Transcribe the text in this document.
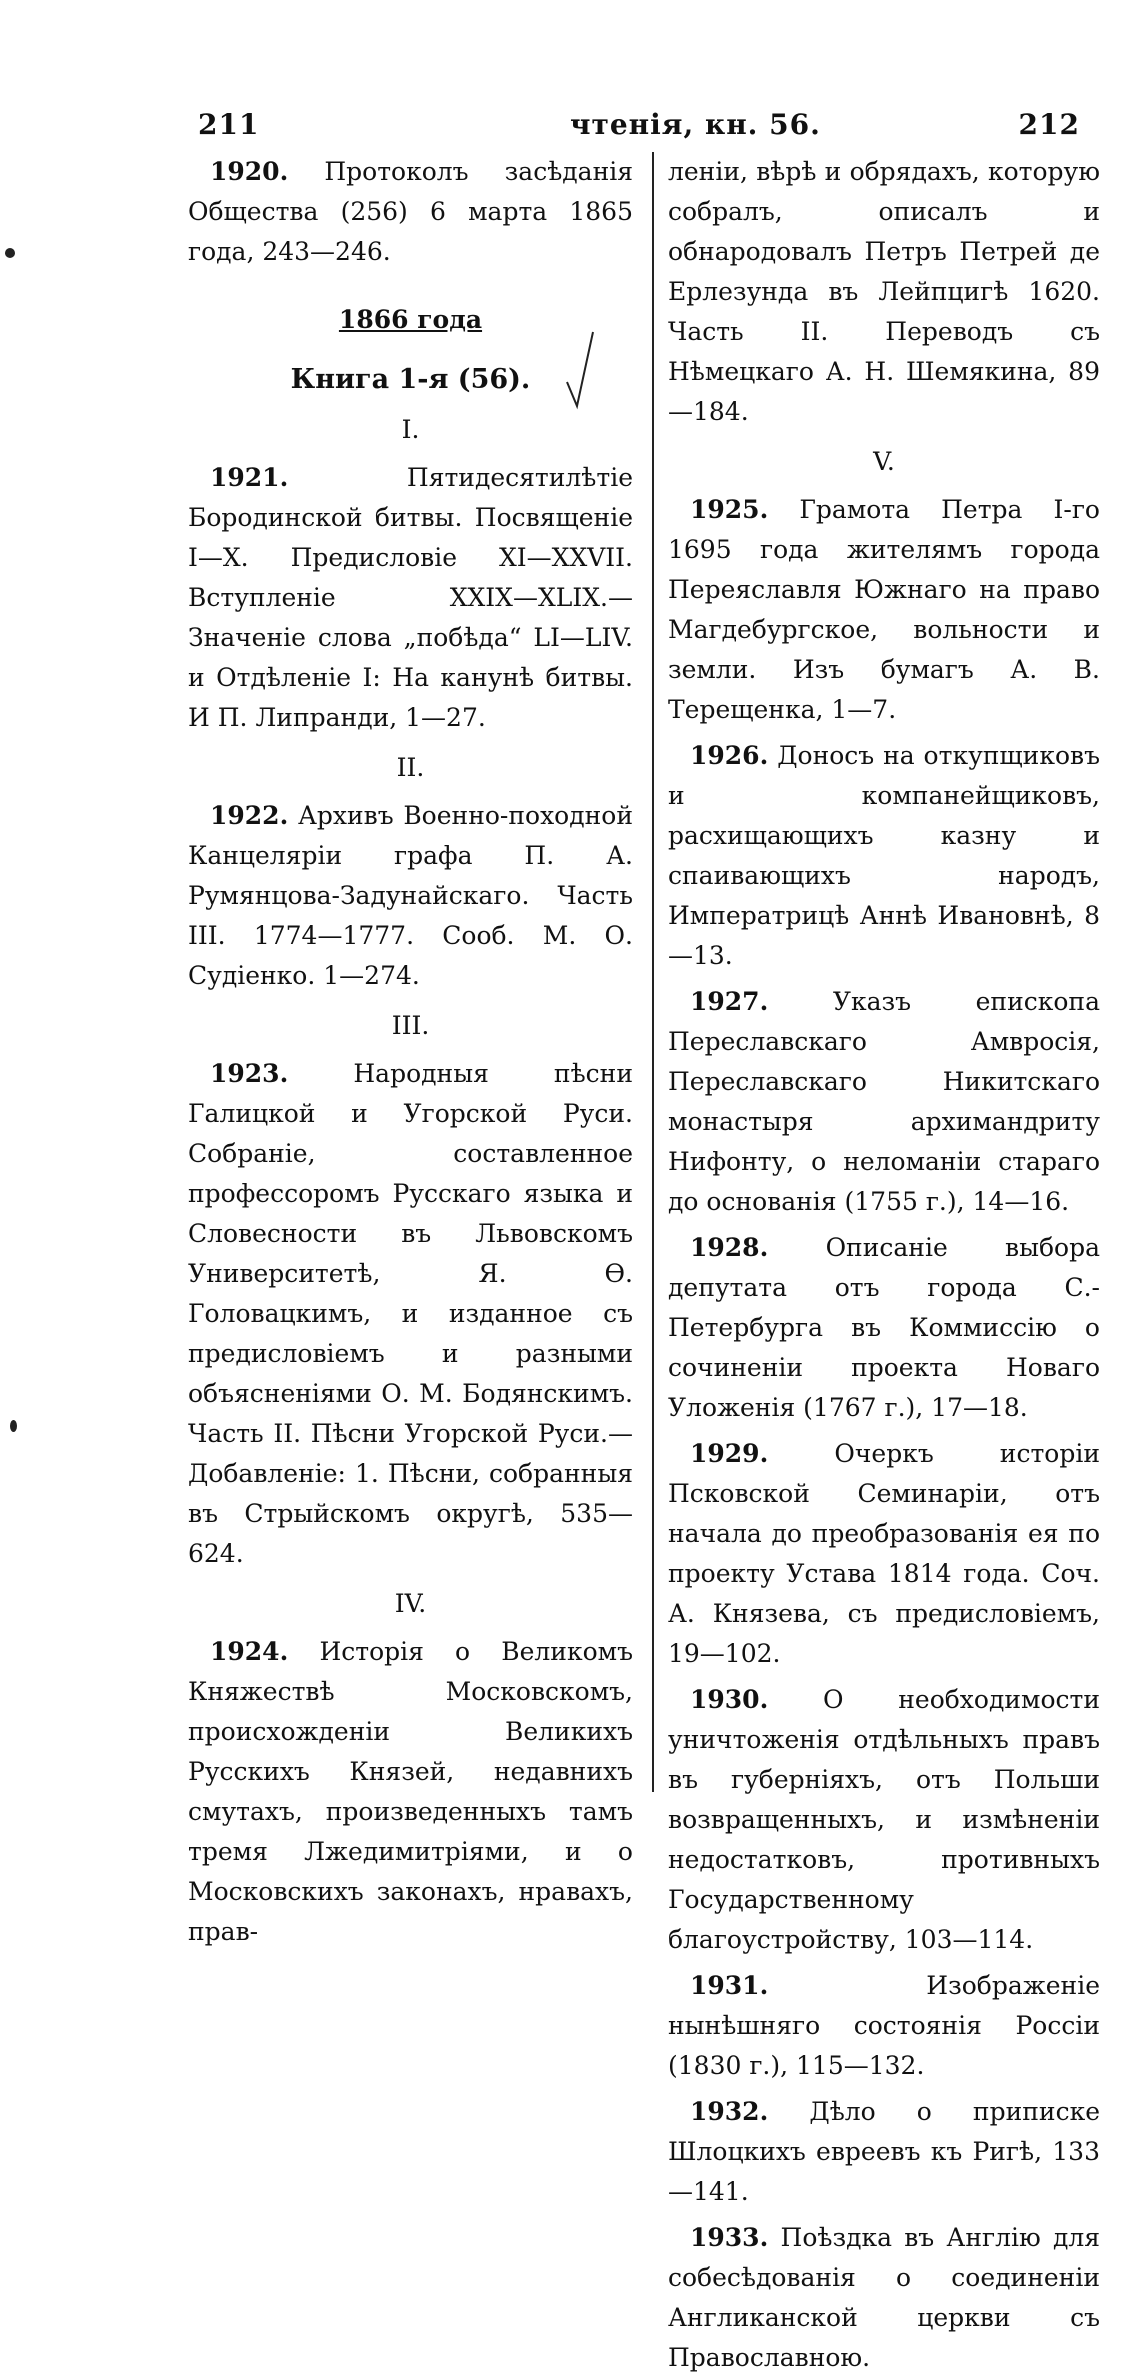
211	чтенія, кн. 56.	212

1920. Протоколъ засѣданія Общества (256) 6 марта 1865 года, 243—246.

1866 года
Книга 1-я (56).
I.

1921.	Пятидесятилѣтіе Бородинской битвы. Посвященіе I—X. Предисловіе XI—XXVII. Вступленіе XXIX—XLIX.—Значеніе слова „побѣда“ LI—LIV. и Отдѣленіе I: На канунѣ битвы. И П. Липранди, 1—27.

II.

1922. Архивъ Военно-походной Канцеляріи графа П. А. Румянцова-Задунайскаго. Часть III. 1774—1777. Сооб. М. О. Судіенко. 1—274.

III.

1923.	Народныя пѣсни Галицкой и Угорской Руси. Собраніе, составленное профессоромъ Русскаго языка и Словесности въ Львовскомъ Университетѣ, Я. Ѳ. Головацкимъ, и изданное съ предисловіемъ и разными объясненіями О. М. Бодянскимъ. Часть II. Пѣсни Угорской Руси.—Добавленіе: 1. Пѣсни, собранныя въ Стрыйскомъ округѣ, 535—624.

IV.

1924. Исторія о Великомъ Княжествѣ Московскомъ, происхожденіи Великихъ Русскихъ Князей, недавнихъ смутахъ, произведенныхъ тамъ тремя Лжедимитріями, и о Московскихъ законахъ, нравахъ, прав-

леніи, вѣрѣ и обрядахъ, которую собралъ, описалъ и обнародовалъ Петръ Петрей де Ерлезунда въ Лейпцигѣ 1620. Часть II. Переводъ съ Нѣмецкаго А. Н. Шемякина, 89—184.

V.

1925. Грамота Петра I-го 1695 года жителямъ города Переяславля Южнаго на право Магдебургское, вольности и земли. Изъ бумагъ А. В. Терещенка, 1—7.

1926. Доносъ на откупщиковъ и компанейщиковъ, расхищающихъ казну и спаивающихъ народъ, Императрицѣ Аннѣ Ивановнѣ, 8—13.

1927.	Указъ епископа Переславскаго Амвросія, Переславскаго Никитскаго монастыря архимандриту Нифонту, о неломаніи стараго до основанія (1755 г.), 14—16.

1928. Описаніе выбора депутата отъ города С.-Петербурга въ Коммиссію о сочиненіи проекта Новаго Уложенія (1767 г.), 17—18.

1929.	Очеркъ исторіи Псковской Семинаріи, отъ начала до преобразованія ея по проекту Устава 1814 года. Соч. А. Князева, съ предисловіемъ, 19—102.

1930. О необходимости уничтоженія отдѣльныхъ правъ въ губерніяхъ, отъ Польши возвращенныхъ, и измѣненіи недостатковъ, противныхъ Государственному благоустройству, 103—114.

1931.	Изображеніе нынѣшняго состоянія Россіи (1830 г.), 115—132.

1932. Дѣло о приписке Шлоцкихъ евреевъ къ Ригѣ, 133—141.

1933. Поѣздка въ Англію для собесѣдованія о соединеніи Англиканской церкви съ Православною.
